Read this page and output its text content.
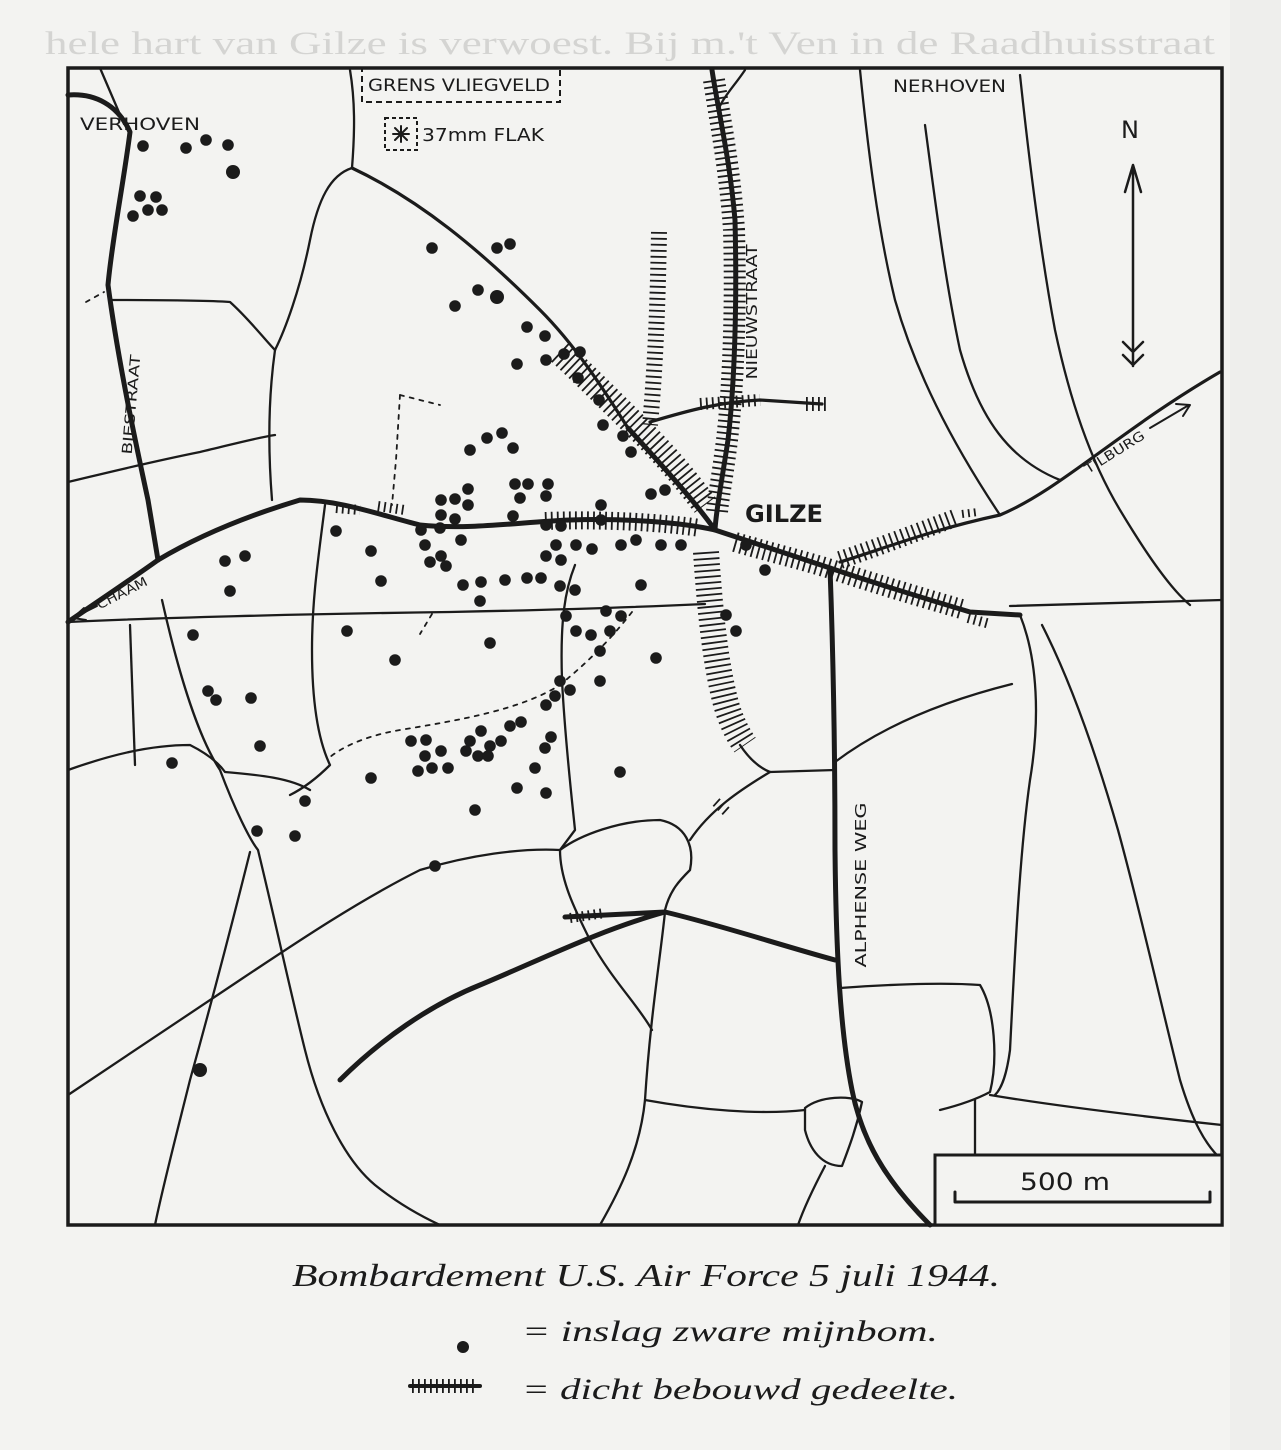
hele hart van Gilze is verwoest. Bij m.'t Ven in de Raadhuisstraat
GRENS VLIEGVELD
37mm FLAK
VERHOVEN
NERHOVEN
GILZE
NIEUWSTRAAT
BIESTRAAT
ALPHENSE WEG
TILBURG
CHAAM
N
500 m
Bombardement U.S. Air Force 5 juli 1944.
= inslag zware mijnbom.
= dicht bebouwd gedeelte.
